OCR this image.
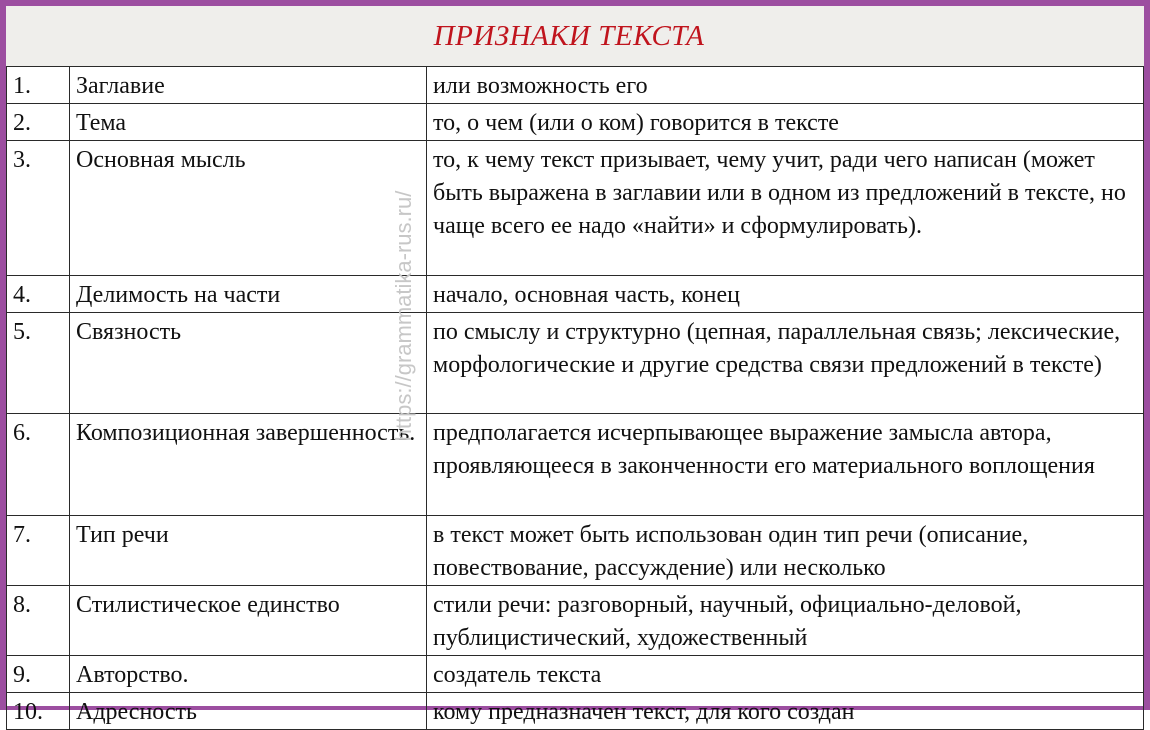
ПРИЗНАКИ ТЕКСТА
1.	Заглавие	или возможность его
2.	Тема	то, о чем (или о ком) говорится в тексте
3.	Основная мысль	то, к чему текст призывает, чему учит, ради чего написан (может быть выражена в заглавии или в одном из предложений в тексте, но чаще всего ее надо «найти» и сформулировать).
4.	Делимость на части	начало, основная часть, конец
5.	Связность	по смыслу и структурно (цепная, параллельная связь; лексические, морфологические и другие средства связи предложений в тексте)
6.	Композиционная завершенность.	предполагается исчерпывающее выражение замысла автора, проявляющееся в законченности его материального воплощения
7.	Тип речи	в текст может быть использован один тип речи (описание, повествование, рассуждение) или несколько
8.	Стилистическое единство	стили речи: разговорный, научный, официально-деловой, публицистический, художественный
9.	Авторство.	создатель текста
10.	Адресность	кому предназначен текст, для кого создан
https://grammatika-rus.ru/
